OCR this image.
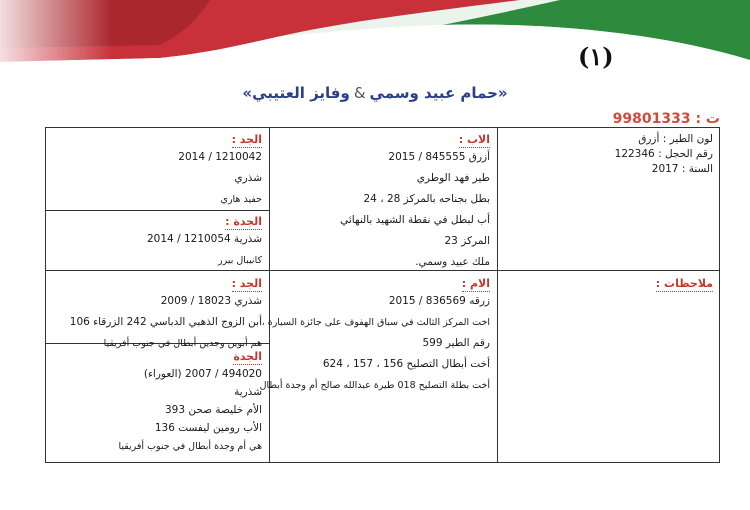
(١)
«حمام عبيد وسمي&وفايز العتيبي»
ت : 99801333
لون الطير : أزرق
رقم الحجل : 122346
السنة : 2017
ملاحظات :
الاب :
أزرق 845555 / 2015
طير فهد الوطري
بطل بجناحه بالمركز 28 ، 24
أب لبطل في نقطة الشهيد بالنهائي
المركز 23
ملك عبيد وسمي.
الام :
زرقه 836569 / 2015
اخت المركز الثالث في سباق الهفوف على جائزة السيارة ،
رقم الطير 599
أخت أبطال التصليح 156 ، 157 ، 624
أخت بطلة التصليح 018 طيرة عبدالله صالح أم وجدة أبطال
الجد :
1210042 / 2014
شذري
حفيد هاري
الجدة :
شذرية 1210054 / 2014
كانيبال بيرر
الجد :
شذري 18023 / 2009
أبن الزوج الذهبي الدباسي 242 الزرقاء 106
هم أبوين وجدين أبطال في جنوب أفريقيا
الجدة
494020 / 2007 (العوراء)
شذرية
الأم خليصة صحن 393
الأب رومين ليفست 136
هي أم وجدة أبطال في جنوب أفريقيا
